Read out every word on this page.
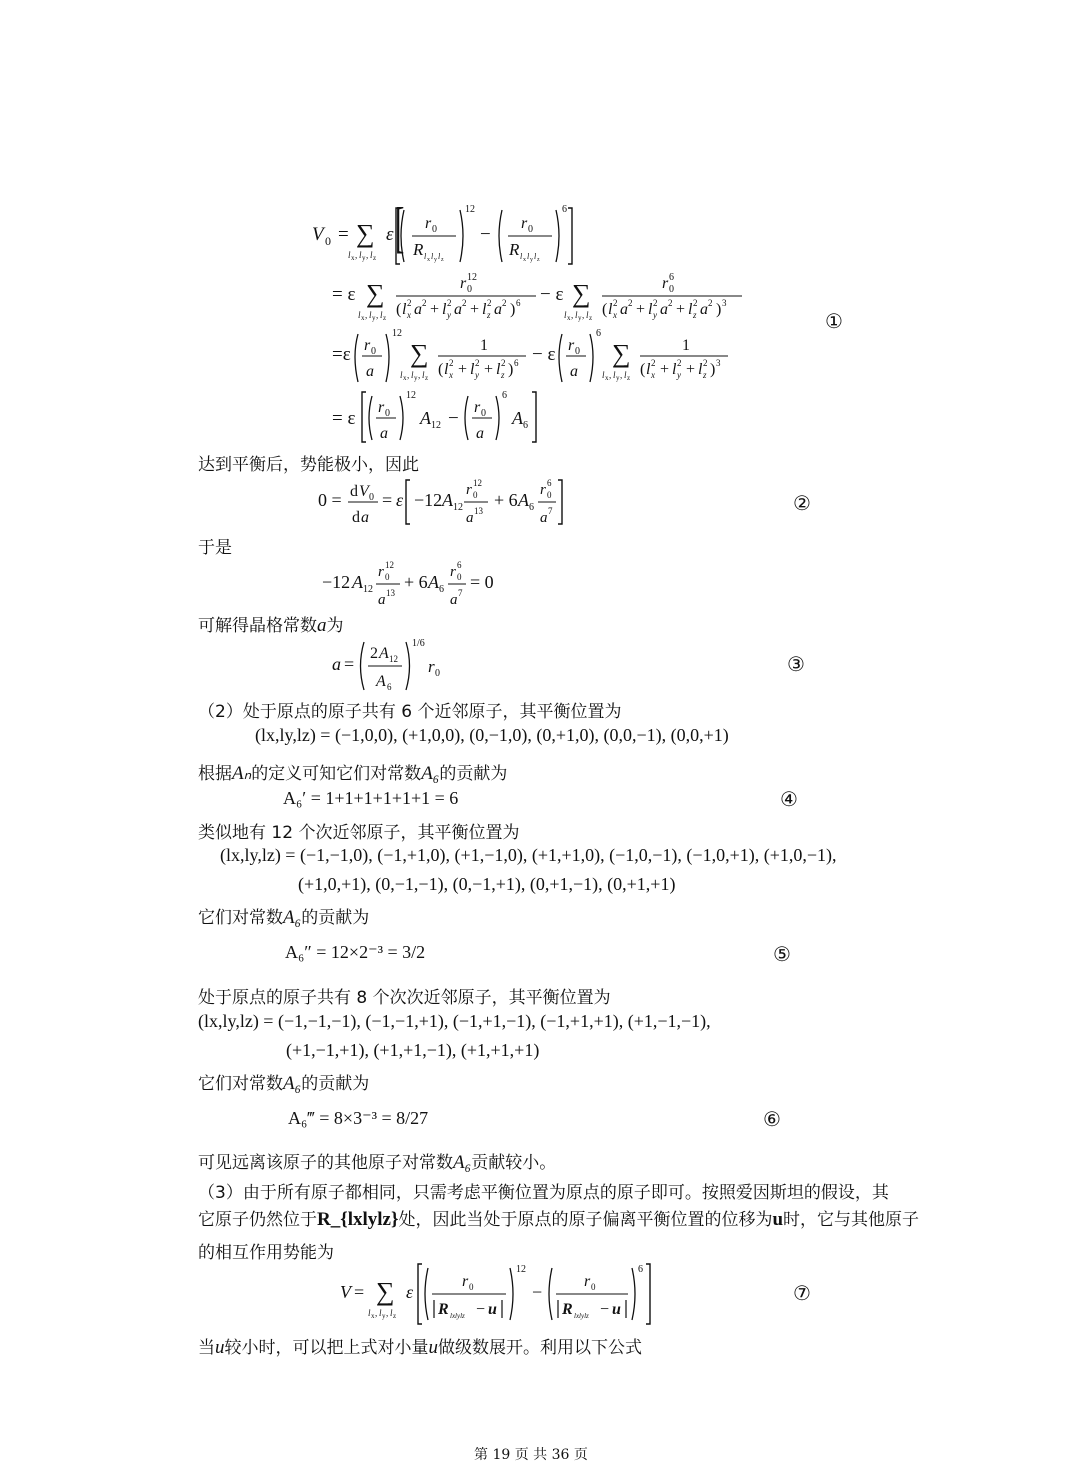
V 0 = ∑
l x , l y , l z
ε [ r 0
R l x l y l z
12
−
r 0
R l x l y l z
6
= ε ∑
l x , l y , l z
r 0
12
( l x
2 a 2 + l y
2 a 2 + l z
2 a 2 ) 6 − ε ∑
l x , l y , l z
r 0
6
( l x
2 a 2 + l y
2 a 2 + l z
2 a 2 ) 3
=ε r 0
a
12
∑
l x , l y , l z
1
( l x
2 + l y
2 + l z
2 ) 6 − ε r 0
a
6
∑
l x , l y , l z
1
( l x
2 + l y
2 + l z
2 ) 3
= ε
r 0
a
12
A 12 −
r 0
a
6
A 6
①
达到平衡后，势能极小，因此
0 = d V 0
d a
= ε −12 A 12
r 0
12
a 13
+ 6 A 6
r 0
6
a 7	②
于是
−12 A 12
r 0
12
a 13
+ 6 A 6
r 0
6
a 7
= 0
可解得晶格常数a为
a =
2 A 12
A 6
1/6
r 0	③
（2）处于原点的原子共有 6 个近邻原子，其平衡位置为
(lx,ly,lz) = (−1,0,0), (+1,0,0), (0,−1,0), (0,+1,0), (0,0,−1), (0,0,+1)
根据Aₙ的定义可知它们对常数A₆的贡献为
A₆′ = 1+1+1+1+1+1 = 6	④
类似地有 12 个次近邻原子，其平衡位置为
(lx,ly,lz) = (−1,−1,0), (−1,+1,0), (+1,−1,0), (+1,+1,0), (−1,0,−1), (−1,0,+1), (+1,0,−1),
(+1,0,+1), (0,−1,−1), (0,−1,+1), (0,+1,−1), (0,+1,+1)
它们对常数A₆的贡献为
A₆″ = 12×2⁻³ = 3/2	⑤
处于原点的原子共有 8 个次次近邻原子，其平衡位置为
(lx,ly,lz) = (−1,−1,−1), (−1,−1,+1), (−1,+1,−1), (−1,+1,+1), (+1,−1,−1),
(+1,−1,+1), (+1,+1,−1), (+1,+1,+1)
它们对常数A₆的贡献为
A₆‴ = 8×3⁻³ = 8/27	⑥
可见远离该原子的其他原子对常数A₆贡献较小。
（3）由于所有原子都相同，只需考虑平衡位置为原点的原子即可。按照爱因斯坦的假设，其
它原子仍然位于R_{lxlylz}处，因此当处于原点的原子偏离平衡位置的位移为u时，它与其他原子
的相互作用势能为
V = ∑
l x , l y , l z
ε
r 0
R lxlylz − u
12
−
r 0
R lxlylz − u
6
⑦
当u较小时，可以把上式对小量u做级数展开。利用以下公式
第 19 页 共 36 页
